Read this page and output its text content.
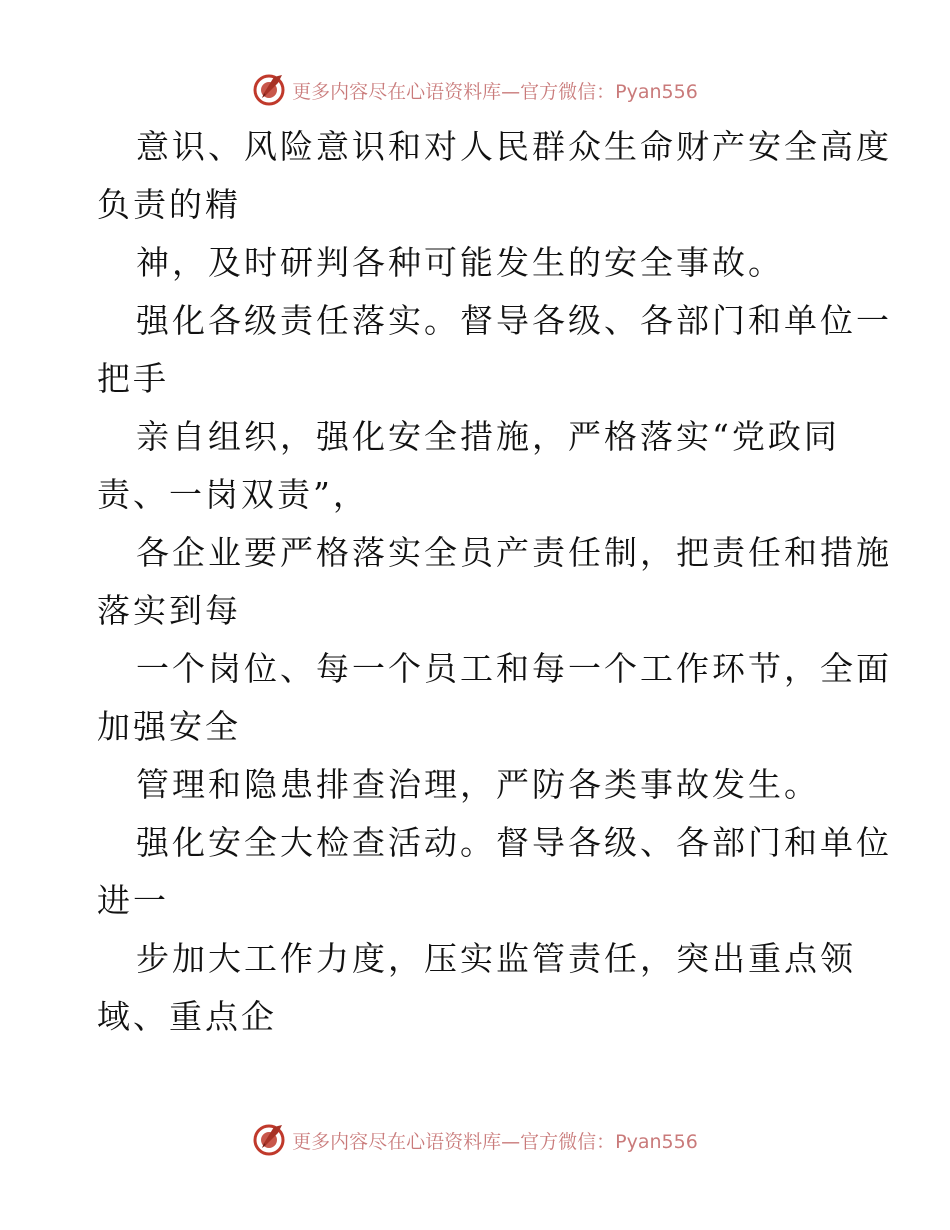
更多内容尽在心语资料库—官方微信：Pyan556
意识、风险意识和对人民群众生命财产安全高度
负责的精
神，及时研判各种可能发生的安全事故。
强化各级责任落实。督导各级、各部门和单位一
把手
亲自组织，强化安全措施，严格落实“党政同
责、一岗双责”，
各企业要严格落实全员产责任制，把责任和措施
落实到每
一个岗位、每一个员工和每一个工作环节，全面
加强安全
管理和隐患排查治理，严防各类事故发生。
强化安全大检查活动。督导各级、各部门和单位
进一
步加大工作力度，压实监管责任，突出重点领
域、重点企
更多内容尽在心语资料库—官方微信：Pyan556
